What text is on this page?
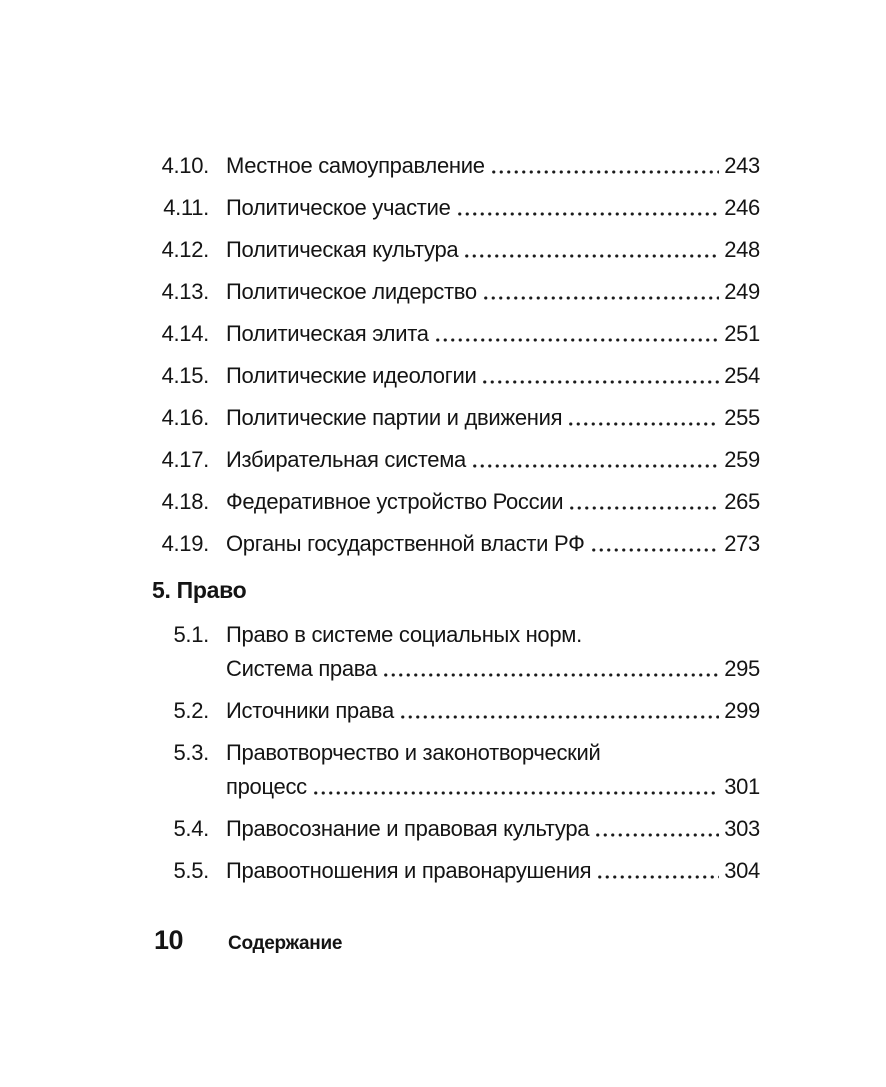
4.10. Местное самоуправление	243
4.11. Политическое участие	246
4.12. Политическая культура	248
4.13. Политическое лидерство	249
4.14. Политическая элита	251
4.15. Политические идеологии	254
4.16. Политические партии и движения	255
4.17. Избирательная система	259
4.18. Федеративное устройство России	265
4.19. Органы государственной власти РФ	273
5. Право
5.1. Право в системе социальных норм.
Система права	295
5.2. Источники права	299
5.3. Правотворчество и законотворческий
процесс	301
5.4. Правосознание и правовая культура	303
5.5. Правоотношения и правонарушения	304
10 Содержание
